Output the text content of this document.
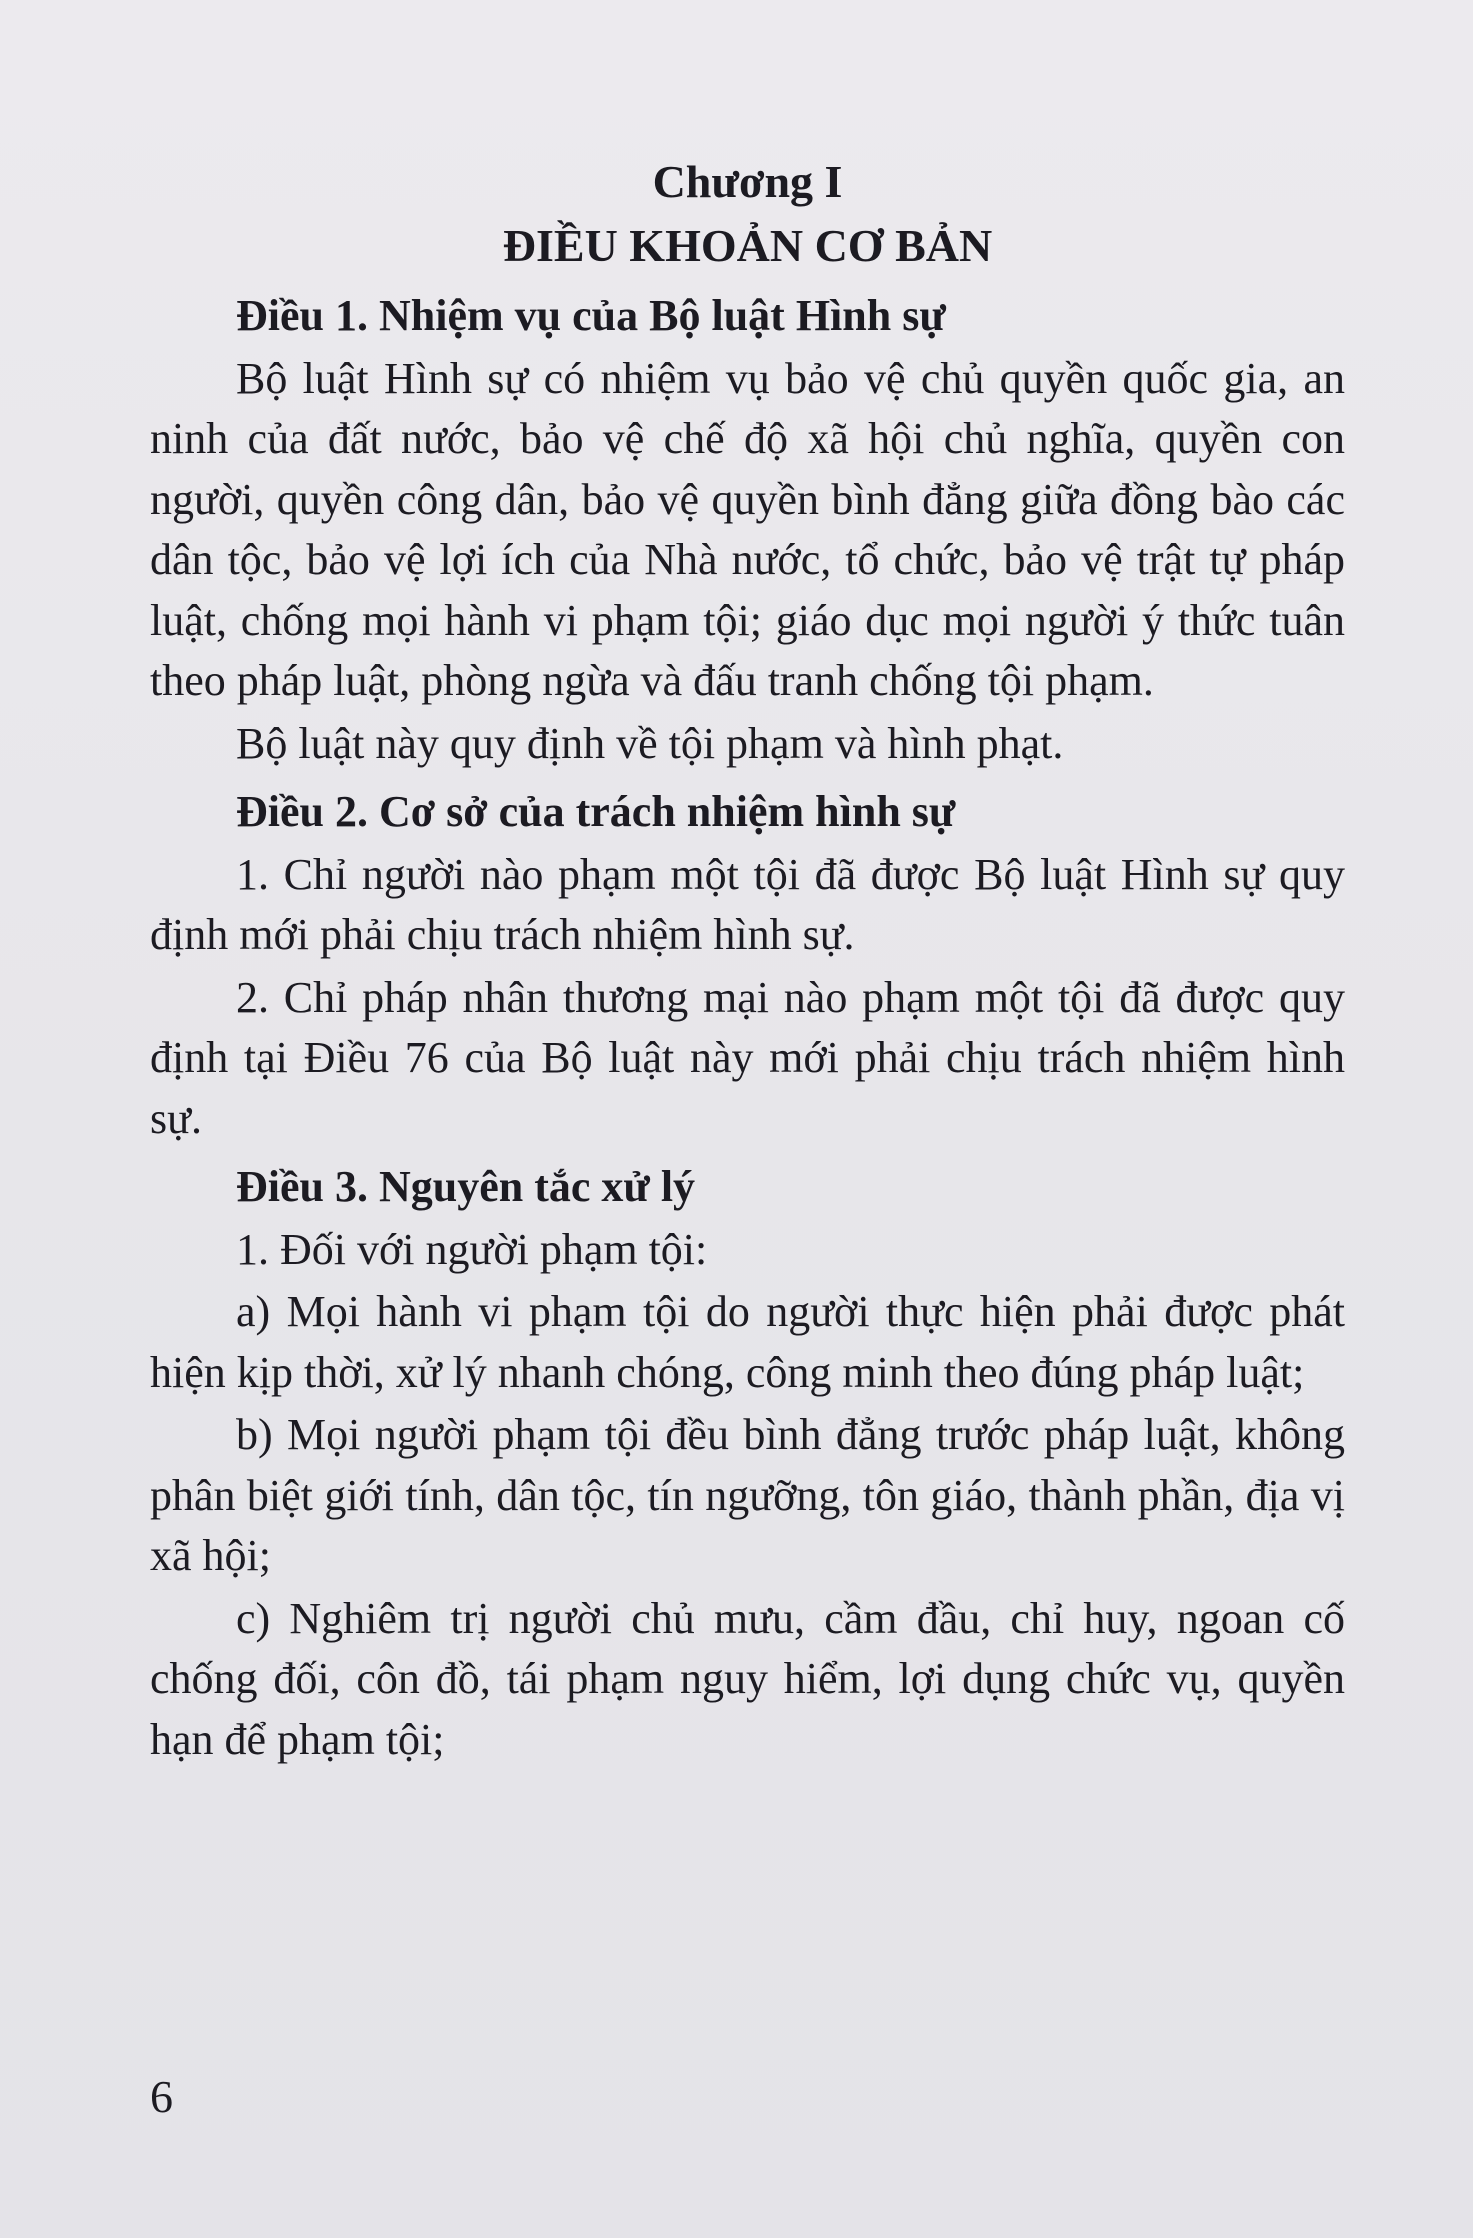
Chương I

ĐIỀU KHOẢN CƠ BẢN

Điều 1. Nhiệm vụ của Bộ luật Hình sự

Bộ luật Hình sự có nhiệm vụ bảo vệ chủ quyền quốc gia, an ninh của đất nước, bảo vệ chế độ xã hội chủ nghĩa, quyền con người, quyền công dân, bảo vệ quyền bình đẳng giữa đồng bào các dân tộc, bảo vệ lợi ích của Nhà nước, tổ chức, bảo vệ trật tự pháp luật, chống mọi hành vi phạm tội; giáo dục mọi người ý thức tuân theo pháp luật, phòng ngừa và đấu tranh chống tội phạm.

Bộ luật này quy định về tội phạm và hình phạt.

Điều 2. Cơ sở của trách nhiệm hình sự

1. Chỉ người nào phạm một tội đã được Bộ luật Hình sự quy định mới phải chịu trách nhiệm hình sự.

2. Chỉ pháp nhân thương mại nào phạm một tội đã được quy định tại Điều 76 của Bộ luật này mới phải chịu trách nhiệm hình sự.

Điều 3. Nguyên tắc xử lý

1. Đối với người phạm tội:

a) Mọi hành vi phạm tội do người thực hiện phải được phát hiện kịp thời, xử lý nhanh chóng, công minh theo đúng pháp luật;

b) Mọi người phạm tội đều bình đẳng trước pháp luật, không phân biệt giới tính, dân tộc, tín ngưỡng, tôn giáo, thành phần, địa vị xã hội;

c) Nghiêm trị người chủ mưu, cầm đầu, chỉ huy, ngoan cố chống đối, côn đồ, tái phạm nguy hiểm, lợi dụng chức vụ, quyền hạn để phạm tội;

6
